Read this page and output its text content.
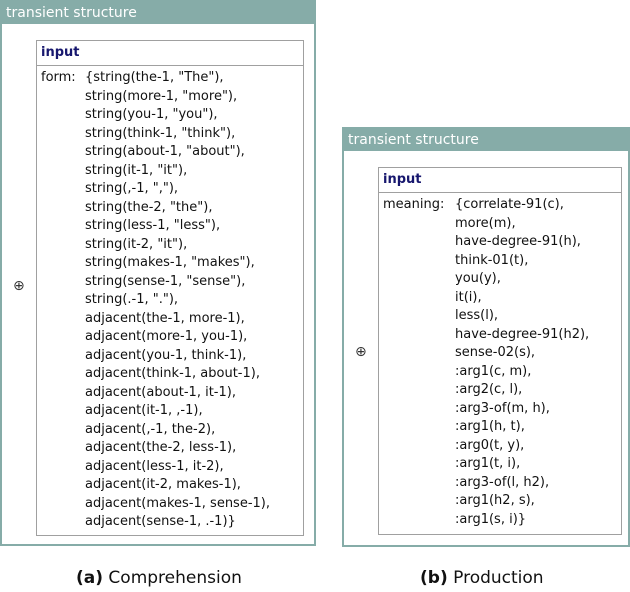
transient structure
⊕
input
form: {string(the-1, "The"),
string(more-1, "more"),
string(you-1, "you"),
string(think-1, "think"),
string(about-1, "about"),
string(it-1, "it"),
string(,-1, ","),
string(the-2, "the"),
string(less-1, "less"),
string(it-2, "it"),
string(makes-1, "makes"),
string(sense-1, "sense"),
string(.-1, "."),
adjacent(the-1, more-1),
adjacent(more-1, you-1),
adjacent(you-1, think-1),
adjacent(think-1, about-1),
adjacent(about-1, it-1),
adjacent(it-1, ,-1),
adjacent(,-1, the-2),
adjacent(the-2, less-1),
adjacent(less-1, it-2),
adjacent(it-2, makes-1),
adjacent(makes-1, sense-1),
adjacent(sense-1, .-1)}
transient structure
⊕
input
meaning: {correlate-91(c),
more(m),
have-degree-91(h),
think-01(t),
you(y),
it(i),
less(l),
have-degree-91(h2),
sense-02(s),
:arg1(c, m),
:arg2(c, l),
:arg3-of(m, h),
:arg1(h, t),
:arg0(t, y),
:arg1(t, i),
:arg3-of(l, h2),
:arg1(h2, s),
:arg1(s, i)}
(a) Comprehension	(b) Production
